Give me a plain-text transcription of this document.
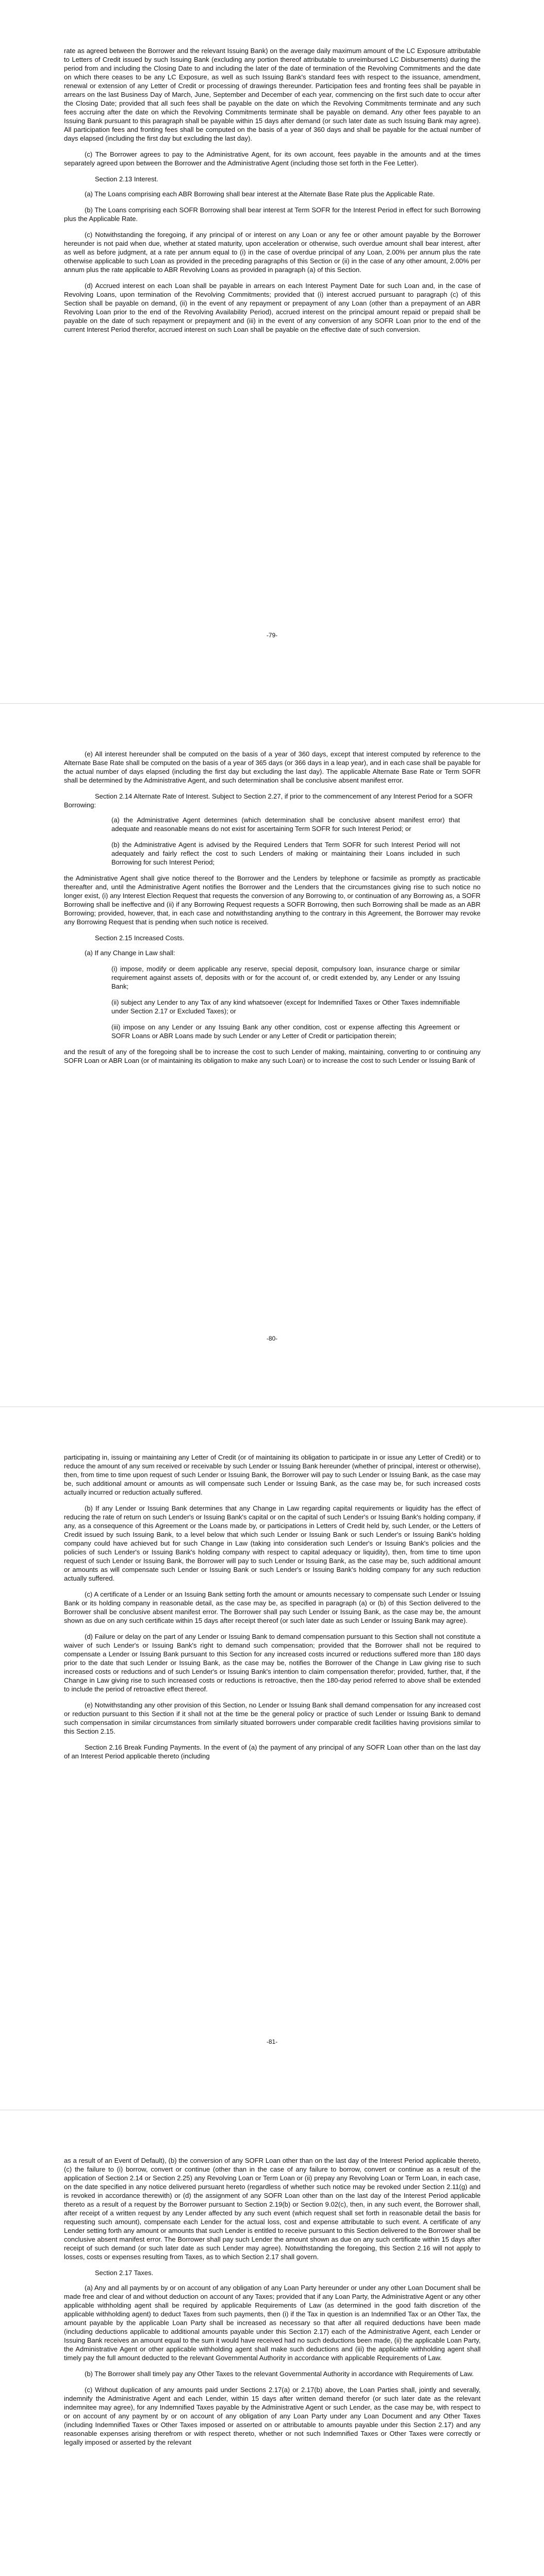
rate as agreed between the Borrower and the relevant Issuing Bank) on the average daily maximum amount of the LC Exposure attributable to Letters of Credit issued by such Issuing Bank (excluding any portion thereof attributable to unreimbursed LC Disbursements) during the period from and including the Closing Date to and including the later of the date of termination of the Revolving Commitments and the date on which there ceases to be any LC Exposure, as well as such Issuing Bank's standard fees with respect to the issuance, amendment, renewal or extension of any Letter of Credit or processing of drawings thereunder. Participation fees and fronting fees shall be payable in arrears on the last Business Day of March, June, September and December of each year, commencing on the first such date to occur after the Closing Date; provided that all such fees shall be payable on the date on which the Revolving Commitments terminate and any such fees accruing after the date on which the Revolving Commitments terminate shall be payable on demand. Any other fees payable to an Issuing Bank pursuant to this paragraph shall be payable within 15 days after demand (or such later date as such Issuing Bank may agree). All participation fees and fronting fees shall be computed on the basis of a year of 360 days and shall be payable for the actual number of days elapsed (including the first day but excluding the last day).

(c) The Borrower agrees to pay to the Administrative Agent, for its own account, fees payable in the amounts and at the times separately agreed upon between the Borrower and the Administrative Agent (including those set forth in the Fee Letter).

Section 2.13 Interest.

(a) The Loans comprising each ABR Borrowing shall bear interest at the Alternate Base Rate plus the Applicable Rate.

(b) The Loans comprising each SOFR Borrowing shall bear interest at Term SOFR for the Interest Period in effect for such Borrowing plus the Applicable Rate.

(c) Notwithstanding the foregoing, if any principal of or interest on any Loan or any fee or other amount payable by the Borrower hereunder is not paid when due, whether at stated maturity, upon acceleration or otherwise, such overdue amount shall bear interest, after as well as before judgment, at a rate per annum equal to (i) in the case of overdue principal of any Loan, 2.00% per annum plus the rate otherwise applicable to such Loan as provided in the preceding paragraphs of this Section or (ii) in the case of any other amount, 2.00% per annum plus the rate applicable to ABR Revolving Loans as provided in paragraph (a) of this Section.

(d) Accrued interest on each Loan shall be payable in arrears on each Interest Payment Date for such Loan and, in the case of Revolving Loans, upon termination of the Revolving Commitments; provided that (i) interest accrued pursuant to paragraph (c) of this Section shall be payable on demand, (ii) in the event of any repayment or prepayment of any Loan (other than a prepayment of an ABR Revolving Loan prior to the end of the Revolving Availability Period), accrued interest on the principal amount repaid or prepaid shall be payable on the date of such repayment or prepayment and (iii) in the event of any conversion of any SOFR Loan prior to the end of the current Interest Period therefor, accrued interest on such Loan shall be payable on the effective date of such conversion.

-79-

(e) All interest hereunder shall be computed on the basis of a year of 360 days, except that interest computed by reference to the Alternate Base Rate shall be computed on the basis of a year of 365 days (or 366 days in a leap year), and in each case shall be payable for the actual number of days elapsed (including the first day but excluding the last day). The applicable Alternate Base Rate or Term SOFR shall be determined by the Administrative Agent, and such determination shall be conclusive absent manifest error.

Section 2.14 Alternate Rate of Interest. Subject to Section 2.27, if prior to the commencement of any Interest Period for a SOFR Borrowing:

(a) the Administrative Agent determines (which determination shall be conclusive absent manifest error) that adequate and reasonable means do not exist for ascertaining Term SOFR for such Interest Period; or

(b) the Administrative Agent is advised by the Required Lenders that Term SOFR for such Interest Period will not adequately and fairly reflect the cost to such Lenders of making or maintaining their Loans included in such Borrowing for such Interest Period;

the Administrative Agent shall give notice thereof to the Borrower and the Lenders by telephone or facsimile as promptly as practicable thereafter and, until the Administrative Agent notifies the Borrower and the Lenders that the circumstances giving rise to such notice no longer exist, (i) any Interest Election Request that requests the conversion of any Borrowing to, or continuation of any Borrowing as, a SOFR Borrowing shall be ineffective and (ii) if any Borrowing Request requests a SOFR Borrowing, then such Borrowing shall be made as an ABR Borrowing; provided, however, that, in each case and notwithstanding anything to the contrary in this Agreement, the Borrower may revoke any Borrowing Request that is pending when such notice is received.

Section 2.15 Increased Costs.

(a) If any Change in Law shall:

(i) impose, modify or deem applicable any reserve, special deposit, compulsory loan, insurance charge or similar requirement against assets of, deposits with or for the account of, or credit extended by, any Lender or any Issuing Bank;

(ii) subject any Lender to any Tax of any kind whatsoever (except for Indemnified Taxes or Other Taxes indemnifiable under Section 2.17 or Excluded Taxes); or

(iii) impose on any Lender or any Issuing Bank any other condition, cost or expense affecting this Agreement or SOFR Loans or ABR Loans made by such Lender or any Letter of Credit or participation therein;

and the result of any of the foregoing shall be to increase the cost to such Lender of making, maintaining, converting to or continuing any SOFR Loan or ABR Loan (or of maintaining its obligation to make any such Loan) or to increase the cost to such Lender or Issuing Bank of

-80-

participating in, issuing or maintaining any Letter of Credit (or of maintaining its obligation to participate in or issue any Letter of Credit) or to reduce the amount of any sum received or receivable by such Lender or Issuing Bank hereunder (whether of principal, interest or otherwise), then, from time to time upon request of such Lender or Issuing Bank, the Borrower will pay to such Lender or Issuing Bank, as the case may be, such additional amount or amounts as will compensate such Lender or Issuing Bank, as the case may be, for such increased costs actually incurred or reduction actually suffered.

(b) If any Lender or Issuing Bank determines that any Change in Law regarding capital requirements or liquidity has the effect of reducing the rate of return on such Lender's or Issuing Bank's capital or on the capital of such Lender's or Issuing Bank's holding company, if any, as a consequence of this Agreement or the Loans made by, or participations in Letters of Credit held by, such Lender, or the Letters of Credit issued by such Issuing Bank, to a level below that which such Lender or Issuing Bank or such Lender's or Issuing Bank's holding company could have achieved but for such Change in Law (taking into consideration such Lender's or Issuing Bank's policies and the policies of such Lender's or Issuing Bank's holding company with respect to capital adequacy or liquidity), then, from time to time upon request of such Lender or Issuing Bank, the Borrower will pay to such Lender or Issuing Bank, as the case may be, such additional amount or amounts as will compensate such Lender or Issuing Bank or such Lender's or Issuing Bank's holding company for any such reduction actually suffered.

(c) A certificate of a Lender or an Issuing Bank setting forth the amount or amounts necessary to compensate such Lender or Issuing Bank or its holding company in reasonable detail, as the case may be, as specified in paragraph (a) or (b) of this Section delivered to the Borrower shall be conclusive absent manifest error. The Borrower shall pay such Lender or Issuing Bank, as the case may be, the amount shown as due on any such certificate within 15 days after receipt thereof (or such later date as such Lender or Issuing Bank may agree).

(d) Failure or delay on the part of any Lender or Issuing Bank to demand compensation pursuant to this Section shall not constitute a waiver of such Lender's or Issuing Bank's right to demand such compensation; provided that the Borrower shall not be required to compensate a Lender or Issuing Bank pursuant to this Section for any increased costs incurred or reductions suffered more than 180 days prior to the date that such Lender or Issuing Bank, as the case may be, notifies the Borrower of the Change in Law giving rise to such increased costs or reductions and of such Lender's or Issuing Bank's intention to claim compensation therefor; provided, further, that, if the Change in Law giving rise to such increased costs or reductions is retroactive, then the 180-day period referred to above shall be extended to include the period of retroactive effect thereof.

(e) Notwithstanding any other provision of this Section, no Lender or Issuing Bank shall demand compensation for any increased cost or reduction pursuant to this Section if it shall not at the time be the general policy or practice of such Lender or Issuing Bank to demand such compensation in similar circumstances from similarly situated borrowers under comparable credit facilities having provisions similar to this Section 2.15.

Section 2.16 Break Funding Payments. In the event of (a) the payment of any principal of any SOFR Loan other than on the last day of an Interest Period applicable thereto (including

-81-

as a result of an Event of Default), (b) the conversion of any SOFR Loan other than on the last day of the Interest Period applicable thereto, (c) the failure to (i) borrow, convert or continue (other than in the case of any failure to borrow, convert or continue as a result of the application of Section 2.14 or Section 2.25) any Revolving Loan or Term Loan or (ii) prepay any Revolving Loan or Term Loan, in each case, on the date specified in any notice delivered pursuant hereto (regardless of whether such notice may be revoked under Section 2.11(g) and is revoked in accordance therewith) or (d) the assignment of any SOFR Loan other than on the last day of the Interest Period applicable thereto as a result of a request by the Borrower pursuant to Section 2.19(b) or Section 9.02(c), then, in any such event, the Borrower shall, after receipt of a written request by any Lender affected by any such event (which request shall set forth in reasonable detail the basis for requesting such amount), compensate each Lender for the actual loss, cost and expense attributable to such event. A certificate of any Lender setting forth any amount or amounts that such Lender is entitled to receive pursuant to this Section delivered to the Borrower shall be conclusive absent manifest error. The Borrower shall pay such Lender the amount shown as due on any such certificate within 15 days after receipt of such demand (or such later date as such Lender may agree). Notwithstanding the foregoing, this Section 2.16 will not apply to losses, costs or expenses resulting from Taxes, as to which Section 2.17 shall govern.

Section 2.17 Taxes.

(a) Any and all payments by or on account of any obligation of any Loan Party hereunder or under any other Loan Document shall be made free and clear of and without deduction on account of any Taxes; provided that if any Loan Party, the Administrative Agent or any other applicable withholding agent shall be required by applicable Requirements of Law (as determined in the good faith discretion of the applicable withholding agent) to deduct Taxes from such payments, then (i) if the Tax in question is an Indemnified Tax or an Other Tax, the amount payable by the applicable Loan Party shall be increased as necessary so that after all required deductions have been made (including deductions applicable to additional amounts payable under this Section 2.17) each of the Administrative Agent, each Lender or Issuing Bank receives an amount equal to the sum it would have received had no such deductions been made, (ii) the applicable Loan Party, the Administrative Agent or other applicable withholding agent shall make such deductions and (iii) the applicable withholding agent shall timely pay the full amount deducted to the relevant Governmental Authority in accordance with applicable Requirements of Law.

(b) The Borrower shall timely pay any Other Taxes to the relevant Governmental Authority in accordance with Requirements of Law.

(c) Without duplication of any amounts paid under Sections 2.17(a) or 2.17(b) above, the Loan Parties shall, jointly and severally, indemnify the Administrative Agent and each Lender, within 15 days after written demand therefor (or such later date as the relevant indemnitee may agree), for any Indemnified Taxes payable by the Administrative Agent or such Lender, as the case may be, with respect to or on account of any payment by or on account of any obligation of any Loan Party under any Loan Document and any Other Taxes (including Indemnified Taxes or Other Taxes imposed or asserted on or attributable to amounts payable under this Section 2.17) and any reasonable expenses arising therefrom or with respect thereto, whether or not such Indemnified Taxes or Other Taxes were correctly or legally imposed or asserted by the relevant
